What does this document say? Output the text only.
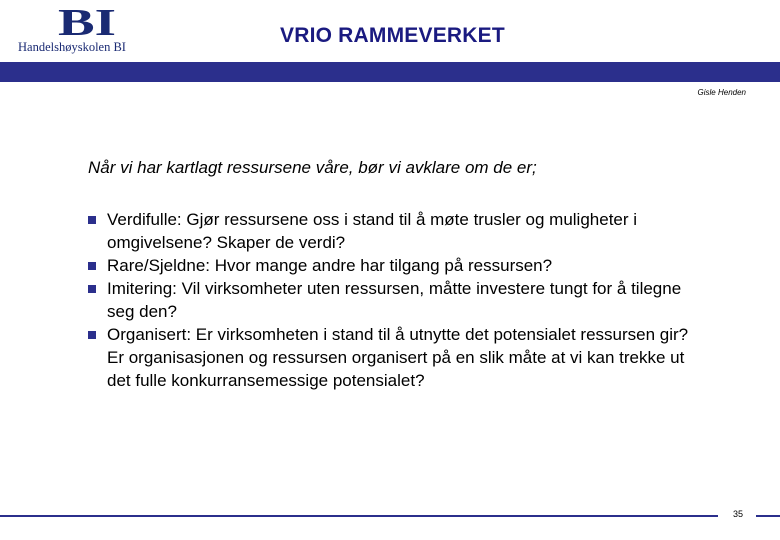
BI
Handelshøyskolen BI	VRIO RAMMEVERKET
Gisle Henden
Når vi har kartlagt ressursene våre, bør vi avklare om de er;
Verdifulle: Gjør ressursene oss i stand til å møte trusler og muligheter i omgivelsene? Skaper de verdi?
Rare/Sjeldne: Hvor mange andre har tilgang på ressursen?
Imitering: Vil virksomheter uten ressursen, måtte investere tungt for å tilegne seg den?
Organisert: Er virksomheten i stand til å utnytte det potensialet ressursen gir? Er organisasjonen og ressursen organisert på en slik måte at vi kan trekke ut det fulle konkurransemessige potensialet?
35
